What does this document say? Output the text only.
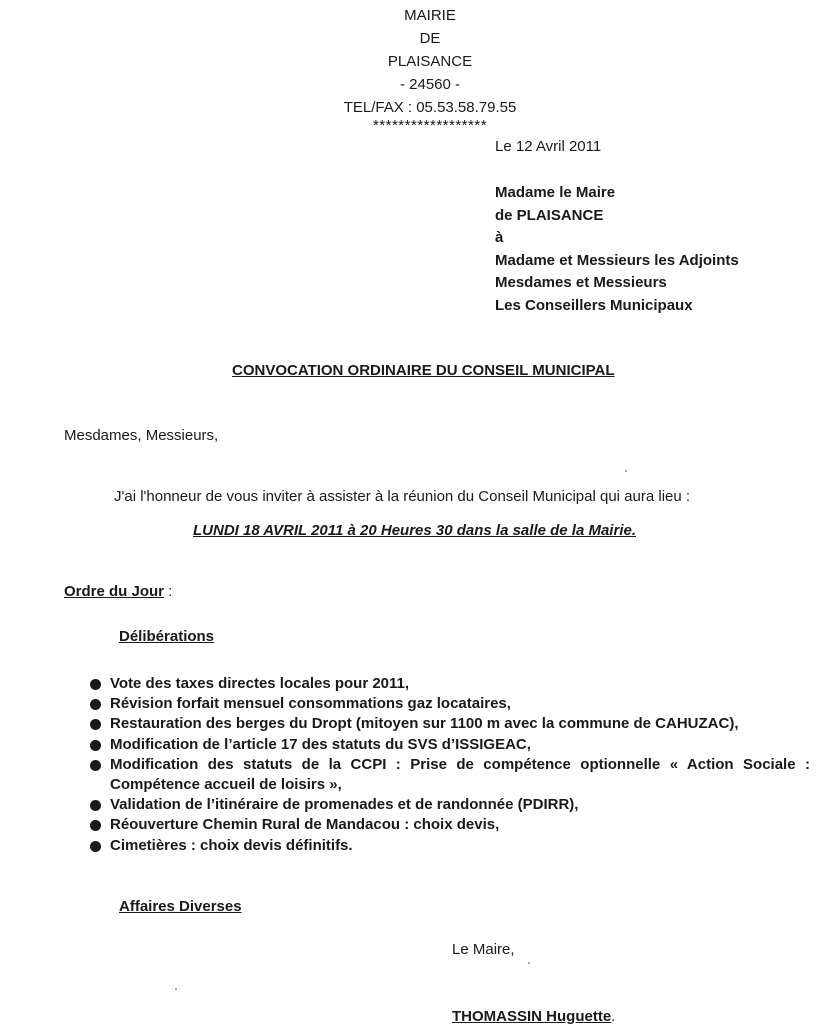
MAIRIE
DE
PLAISANCE
- 24560 -
TEL/FAX : 05.53.58.79.55
******************
Le 12 Avril 2011
Madame le Maire
de PLAISANCE
à
Madame et Messieurs les Adjoints
Mesdames et Messieurs
Les Conseillers Municipaux
CONVOCATION ORDINAIRE DU CONSEIL MUNICIPAL
Mesdames, Messieurs,
J'ai l'honneur de vous inviter à assister à la réunion du Conseil Municipal qui aura lieu :
LUNDI 18 AVRIL 2011 à 20 Heures 30 dans la salle de la Mairie.
Ordre du Jour :
Délibérations
Vote des taxes directes locales pour 2011,
Révision forfait mensuel consommations gaz locataires,
Restauration des berges du Dropt (mitoyen sur 1100 m avec la commune de CAHUZAC),
Modification de l’article 17 des statuts du SVS d’ISSIGEAC,
Modification des statuts de la CCPI : Prise de compétence optionnelle « Action Sociale : Compétence accueil de loisirs »,
Validation de l’itinéraire de promenades et de randonnée (PDIRR),
Réouverture Chemin Rural de Mandacou : choix devis,
Cimetières : choix devis définitifs.
Affaires Diverses
Le Maire,
THOMASSIN Huguette.
